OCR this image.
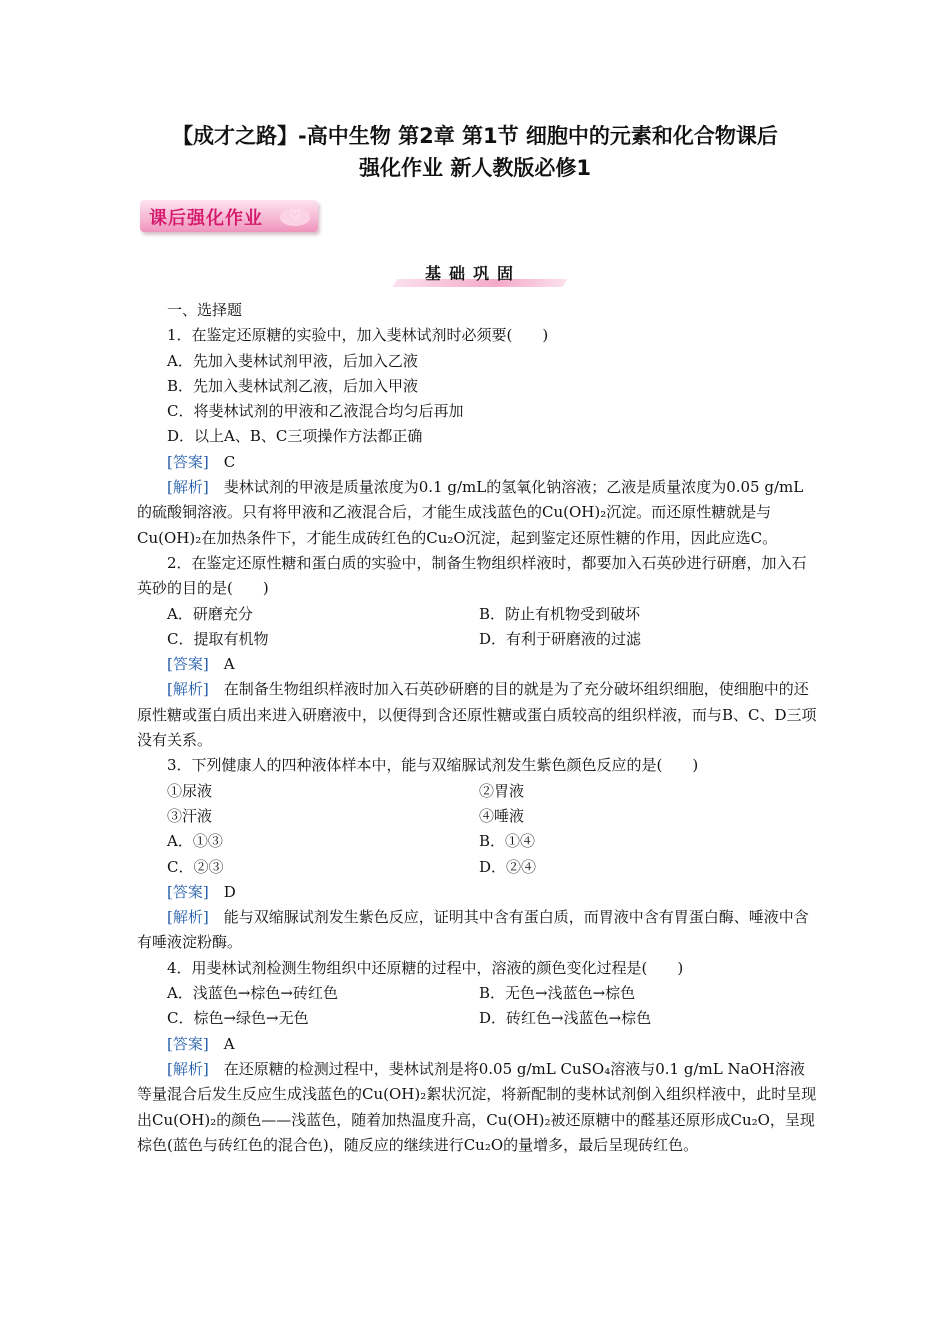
【成才之路】-高中生物 第2章 第1节 细胞中的元素和化合物课后
强化作业 新人教版必修1
课后强化作业	♡
基础巩固

一、选择题

1．在鉴定还原糖的实验中，加入斐林试剂时必须要(　　)

A．先加入斐林试剂甲液，后加入乙液

B．先加入斐林试剂乙液，后加入甲液

C．将斐林试剂的甲液和乙液混合均匀后再加

D．以上A、B、C三项操作方法都正确

[答案]　 C

[解析]　 斐林试剂的甲液是质量浓度为0.1 g/mL的氢氧化钠溶液；乙液是质量浓度为0.05 g/mL的硫酸铜溶液。只有将甲液和乙液混合后，才能生成浅蓝色的Cu(OH)₂沉淀。而还原性糖就是与Cu(OH)₂在加热条件下，才能生成砖红色的Cu₂O沉淀，起到鉴定还原性糖的作用，因此应选C。

2．在鉴定还原性糖和蛋白质的实验中，制备生物组织样液时，都要加入石英砂进行研磨，加入石英砂的目的是(　　)

A．研磨充分	B．防止有机物受到破坏
C．提取有机物	D．有利于研磨液的过滤

[答案]　 A

[解析]　 在制备生物组织样液时加入石英砂研磨的目的就是为了充分破坏组织细胞，使细胞中的还原性糖或蛋白质出来进入研磨液中，以便得到含还原性糖或蛋白质较高的组织样液，而与B、C、D三项没有关系。

3．下列健康人的四种液体样本中，能与双缩脲试剂发生紫色颜色反应的是(　　)

①尿液	②胃液
③汗液	④唾液
A．①③	B．①④
C．②③	D．②④

[答案]　 D

[解析]　 能与双缩脲试剂发生紫色反应，证明其中含有蛋白质，而胃液中含有胃蛋白酶、唾液中含有唾液淀粉酶。

4．用斐林试剂检测生物组织中还原糖的过程中，溶液的颜色变化过程是(　　)

A．浅蓝色→棕色→砖红色	B．无色→浅蓝色→棕色
C．棕色→绿色→无色	D．砖红色→浅蓝色→棕色

[答案]　 A

[解析]　 在还原糖的检测过程中，斐林试剂是将0.05 g/mL CuSO₄溶液与0.1 g/mL NaOH溶液等量混合后发生反应生成浅蓝色的Cu(OH)₂絮状沉淀，将新配制的斐林试剂倒入组织样液中，此时呈现出Cu(OH)₂的颜色——浅蓝色，随着加热温度升高，Cu(OH)₂被还原糖中的醛基还原形成Cu₂O，呈现棕色(蓝色与砖红色的混合色)，随反应的继续进行Cu₂O的量增多，最后呈现砖红色。
